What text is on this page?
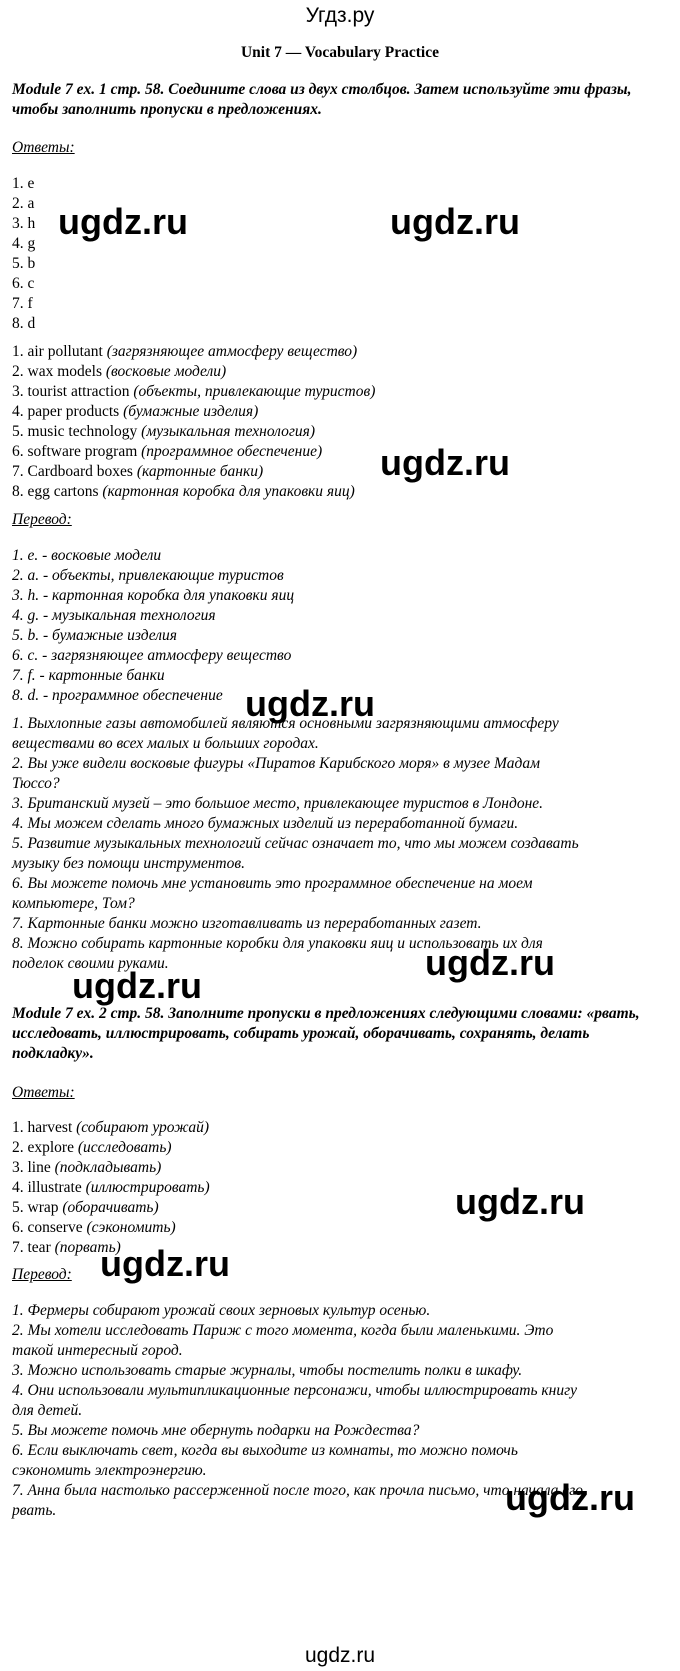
Угдз.ру
Unit 7 — Vocabulary Practice
Module 7 ex. 1 стр. 58. Соедините слова из двух столбцов. Затем используйте эти фразы, чтобы заполнить пропуски в предложениях.
Ответы:
1. e
2. a
3. h
4. g
5. b
6. c
7. f
8. d
1. air pollutant (загрязняющее атмосферу вещество)
2. wax models (восковые модели)
3. tourist attraction (объекты, привлекающие туристов)
4. paper products (бумажные изделия)
5. music technology (музыкальная технология)
6. software program (программное обеспечение)
7. Cardboard boxes (картонные банки)
8. egg cartons (картонная коробка для упаковки яиц)
Перевод:
1. e. - восковые модели
2. a. - объекты, привлекающие туристов
3. h. - картонная коробка для упаковки яиц
4. g. - музыкальная технология
5. b. - бумажные изделия
6. c. - загрязняющее атмосферу вещество
7. f. - картонные банки
8. d. - программное обеспечение
1. Выхлопные газы автомобилей являются основными загрязняющими атмосферу
веществами во всех малых и больших городах.
2. Вы уже видели восковые фигуры «Пиратов Карибского моря» в музее Мадам
Тюссо?
3. Британский музей – это большое место, привлекающее туристов в Лондоне.
4. Мы можем сделать много бумажных изделий из переработанной бумаги.
5. Развитие музыкальных технологий сейчас означает то, что мы можем создавать
музыку без помощи инструментов.
6. Вы можете помочь мне установить это программное обеспечение на моем
компьютере, Том?
7. Картонные банки можно изготавливать из переработанных газет.
8. Можно собирать картонные коробки для упаковки яиц и использовать их для
поделок своими руками.
Module 7 ex. 2 стр. 58. Заполните пропуски в предложениях следующими словами: «рвать, исследовать, иллюстрировать, собирать урожай, оборачивать, сохранять, делать подкладку».
Ответы:
1. harvest (собирают урожай)
2. explore (исследовать)
3. line (подкладывать)
4. illustrate (иллюстрировать)
5. wrap (оборачивать)
6. conserve (сэкономить)
7. tear (порвать)
Перевод:
1. Фермеры собирают урожай своих зерновых культур осенью.
2. Мы хотели исследовать Париж с того момента, когда были маленькими. Это
такой интересный город.
3. Можно использовать старые журналы, чтобы постелить полки в шкафу.
4. Они использовали мультипликационные персонажи, чтобы иллюстрировать книгу
для детей.
5. Вы можете помочь мне обернуть подарки на Рождества?
6. Если выключать свет, когда вы выходите из комнаты, то можно помочь
сэкономить электроэнергию.
7. Анна была настолько рассерженной после того, как прочла письмо, что начала его
рвать.
ugdz.ru	ugdz.ru
ugdz.ru
ugdz.ru
ugdz.ru
ugdz.ru
ugdz.ru
ugdz.ru
ugdz.ru
ugdz.ru
